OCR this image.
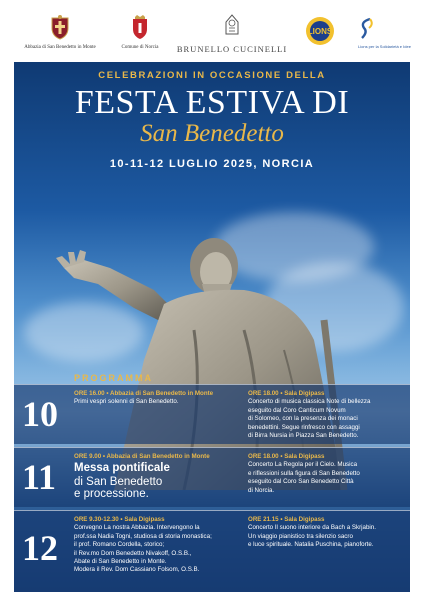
Abbazia di San Benedetto in Monte	Comune di Norcia BRUNELLO CUCINELLI
LIONS
Lions per la Solidarietà e Idee
CELEBRAZIONI IN OCCASIONE DELLA
FESTA ESTIVA DI
San Benedetto
10-11-12 LUGLIO 2025, NORCIA
PROGRAMMA
10
ORE 16.00 • Abbazia di San Benedetto in Monte
Primi vespri solenni di San Benedetto.
ORE 18.00 • Sala Digipass
Concerto di musica classica Note di bellezza
eseguito dal Coro Canticum Novum
di Solomeo, con la presenza dei monaci
benedettini. Segue rinfresco con assaggi
di Birra Nursia in Piazza San Benedetto.
11
ORE 9.00 • Abbazia di San Benedetto in Monte
Messa pontificale
di San Benedetto
e processione.
ORE 18.00 • Sala Digipass
Concerto La Regola per il Cielo. Musica
e riflessioni sulla figura di San Benedetto
eseguito dal Coro San Benedetto Città
di Norcia.
12
ORE 9.30-12.30 • Sala Digipass
Convegno La nostra Abbazia. Intervengono la
prof.ssa Nadia Togni, studiosa di storia monastica;
il prof. Romano Cordella, storico;
il Rev.mo Dom Benedetto Nivakoff, O.S.B.,
Abate di San Benedetto in Monte.
Modera il Rev. Dom Cassiano Folsom, O.S.B.
ORE 21.15 • Sala Digipass
Concerto Il suono interiore da Bach a Skrjabin.
Un viaggio pianistico tra silenzio sacro
e luce spirituale. Natalia Puschina, pianoforte.
